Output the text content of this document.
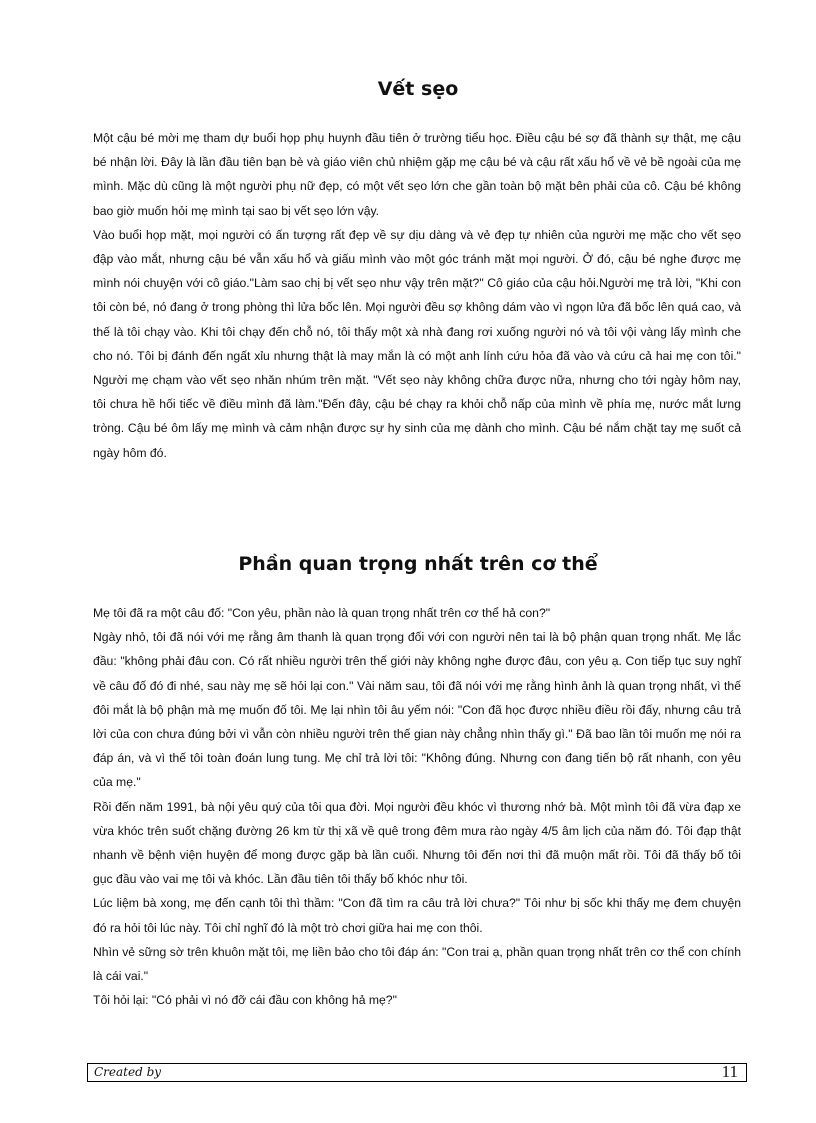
Vết sẹo

Một cậu bé mời mẹ tham dự buổi họp phụ huynh đầu tiên ở trường tiểu học. Điều cậu bé sợ đã thành sự thật, mẹ cậu bé nhận lời. Đây là lần đầu tiên bạn bè và giáo viên chủ nhiệm gặp mẹ cậu bé và cậu rất xấu hổ về vẻ bề ngoài của mẹ mình. Mặc dù cũng là một người phụ nữ đẹp, có một vết sẹo lớn che gần toàn bộ mặt bên phải của cô. Cậu bé không bao giờ muốn hỏi mẹ mình tại sao bị vết sẹo lớn vậy.

Vào buổi họp mặt, mọi người có ấn tượng rất đẹp về sự dịu dàng và vẻ đẹp tự nhiên của người mẹ mặc cho vết sẹo đập vào mắt, nhưng cậu bé vẫn xấu hổ và giấu mình vào một góc tránh mặt mọi người. Ở đó, cậu bé nghe được mẹ mình nói chuyện với cô giáo."Làm sao chị bị vết sẹo như vậy trên mặt?" Cô giáo của cậu hỏi.Người mẹ trả lời, "Khi con tôi còn bé, nó đang ở trong phòng thì lửa bốc lên. Mọi người đều sợ không dám vào vì ngọn lửa đã bốc lên quá cao, và thế là tôi chạy vào. Khi tôi chạy đến chỗ nó, tôi thấy một xà nhà đang rơi xuống người nó và tôi vội vàng lấy mình che cho nó. Tôi bị đánh đến ngất xỉu nhưng thật là may mắn là có một anh lính cứu hỏa đã vào và cứu cả hai mẹ con tôi." Người mẹ chạm vào vết sẹo nhăn nhúm trên mặt. "Vết sẹo này không chữa được nữa, nhưng cho tới ngày hôm nay, tôi chưa hề hối tiếc về điều mình đã làm."Đến đây, cậu bé chạy ra khỏi chỗ nấp của mình về phía mẹ, nước mắt lưng tròng. Cậu bé ôm lấy mẹ mình và cảm nhận được sự hy sinh của mẹ dành cho mình. Cậu bé nắm chặt tay mẹ suốt cả ngày hôm đó.

Phần quan trọng nhất trên cơ thể

Mẹ tôi đã ra một câu đố: "Con yêu, phần nào là quan trọng nhất trên cơ thể hả con?"

Ngày nhỏ, tôi đã nói với mẹ rằng âm thanh là quan trọng đối với con người nên tai là bộ phận quan trọng nhất. Mẹ lắc đầu: "không phải đâu con. Có rất nhiều người trên thế giới này không nghe được đâu, con yêu ạ. Con tiếp tục suy nghĩ về câu đố đó đi nhé, sau này mẹ sẽ hỏi lại con." Vài năm sau, tôi đã nói với mẹ rằng hình ảnh là quan trọng nhất, vì thế đôi mắt là bộ phận mà mẹ muốn đố tôi. Mẹ lại nhìn tôi âu yếm nói: "Con đã học được nhiều điều rồi đấy, nhưng câu trả lời của con chưa đúng bởi vì vẫn còn nhiều người trên thế gian này chẳng nhìn thấy gì." Đã bao lần tôi muốn mẹ nói ra đáp án, và vì thế tôi toàn đoán lung tung. Mẹ chỉ trả lời tôi: "Không đúng. Nhưng con đang tiến bộ rất nhanh, con yêu của mẹ."

Rồi đến năm 1991, bà nội yêu quý của tôi qua đời. Mọi người đều khóc vì thương nhớ bà. Một mình tôi đã vừa đạp xe vừa khóc trên suốt chặng đường 26 km từ thị xã về quê trong đêm mưa rào ngày 4/5 âm lịch của năm đó. Tôi đạp thật nhanh về bệnh viện huyện để mong được gặp bà lần cuối. Nhưng tôi đến nơi thì đã muộn mất rồi. Tôi đã thấy bố tôi gục đầu vào vai mẹ tôi và khóc. Lần đầu tiên tôi thấy bố khóc như tôi.

Lúc liệm bà xong, mẹ đến cạnh tôi thì thầm: "Con đã tìm ra câu trả lời chưa?" Tôi như bị sốc khi thấy mẹ đem chuyện đó ra hỏi tôi lúc này. Tôi chỉ nghĩ đó là một trò chơi giữa hai mẹ con thôi.

Nhìn vẻ sững sờ trên khuôn mặt tôi, mẹ liền bảo cho tôi đáp án: "Con trai ạ, phần quan trọng nhất trên cơ thể con chính là cái vai."

Tôi hỏi lại: "Có phải vì nó đỡ cái đầu con không hả mẹ?"

Created by	11
